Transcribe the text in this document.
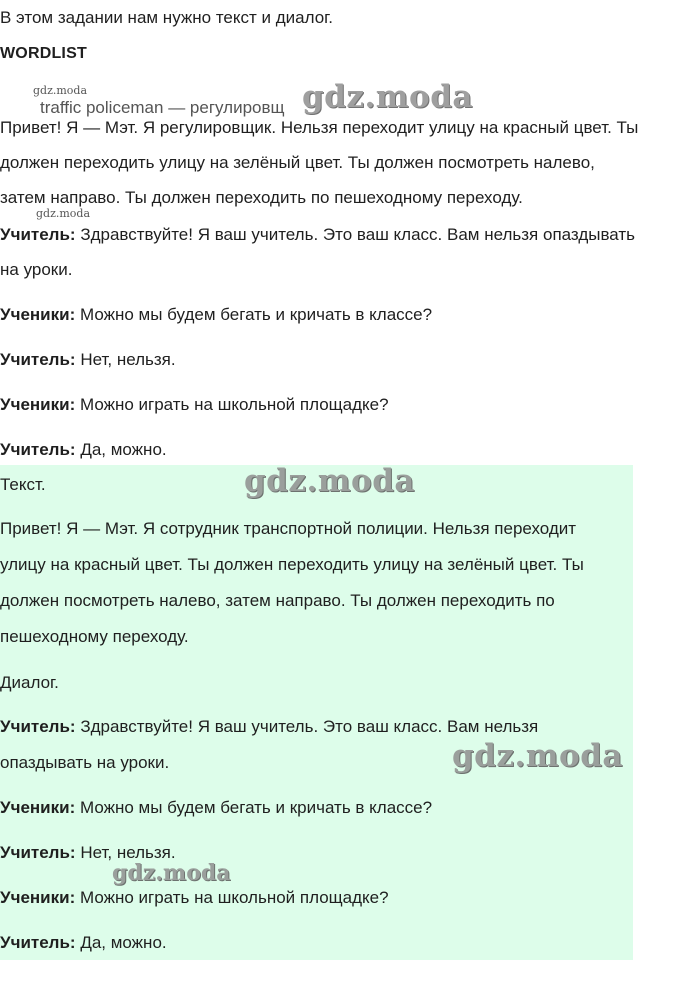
В этом задании нам нужно текст и диалог.
WORDLIST
traffic policeman — регулировщ
Привет! Я — Мэт. Я регулировщик. Нельзя переходит улицу на красный цвет. Ты
должен переходить улицу на зелёный цвет. Ты должен посмотреть налево,
затем направо. Ты должен переходить по пешеходному переходу.
Учитель: Здравствуйте! Я ваш учитель. Это ваш класс. Вам нельзя опаздывать
на уроки.
Ученики: Можно мы будем бегать и кричать в классе?
Учитель: Нет, нельзя.
Ученики: Можно играть на школьной площадке?
Учитель: Да, можно.
Текст.
Привет! Я — Мэт. Я сотрудник транспортной полиции. Нельзя переходит
улицу на красный цвет. Ты должен переходить улицу на зелёный цвет. Ты
должен посмотреть налево, затем направо. Ты должен переходить по
пешеходному переходу.
Диалог.
Учитель: Здравствуйте! Я ваш учитель. Это ваш класс. Вам нельзя
опаздывать на уроки.
Ученики: Можно мы будем бегать и кричать в классе?
Учитель: Нет, нельзя.
Ученики: Можно играть на школьной площадке?
Учитель: Да, можно.
gdz.moda	gdz.moda
gdz.moda
gdz.moda
gdz.moda
gdz.moda
